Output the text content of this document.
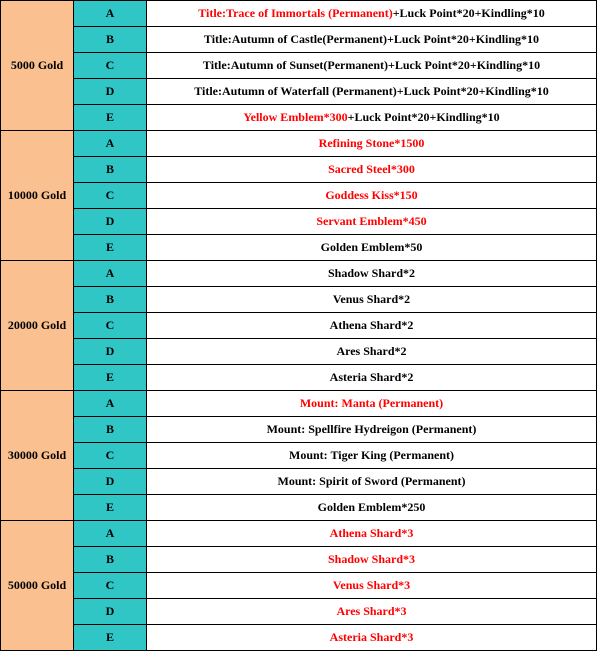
5000 Gold	A	Title:Trace of Immortals (Permanent)+Luck Point*20+Kindling*10
	B	Title:Autumn of Castle(Permanent)+Luck Point*20+Kindling*10
	C	Title:Autumn of Sunset(Permanent)+Luck Point*20+Kindling*10
	D	Title:Autumn of Waterfall (Permanent)+Luck Point*20+Kindling*10
	E	Yellow Emblem*300+Luck Point*20+Kindling*10
10000 Gold	A	Refining Stone*1500
	B	Sacred Steel*300
	C	Goddess Kiss*150
	D	Servant Emblem*450
	E	Golden Emblem*50
20000 Gold	A	Shadow Shard*2
	B	Venus Shard*2
	C	Athena Shard*2
	D	Ares Shard*2
	E	Asteria Shard*2
30000 Gold	A	Mount: Manta (Permanent)
	B	Mount: Spellfire Hydreigon (Permanent)
	C	Mount: Tiger King (Permanent)
	D	Mount: Spirit of Sword (Permanent)
	E	Golden Emblem*250
50000 Gold	A	Athena Shard*3
	B	Shadow Shard*3
	C	Venus Shard*3
	D	Ares Shard*3
	E	Asteria Shard*3
